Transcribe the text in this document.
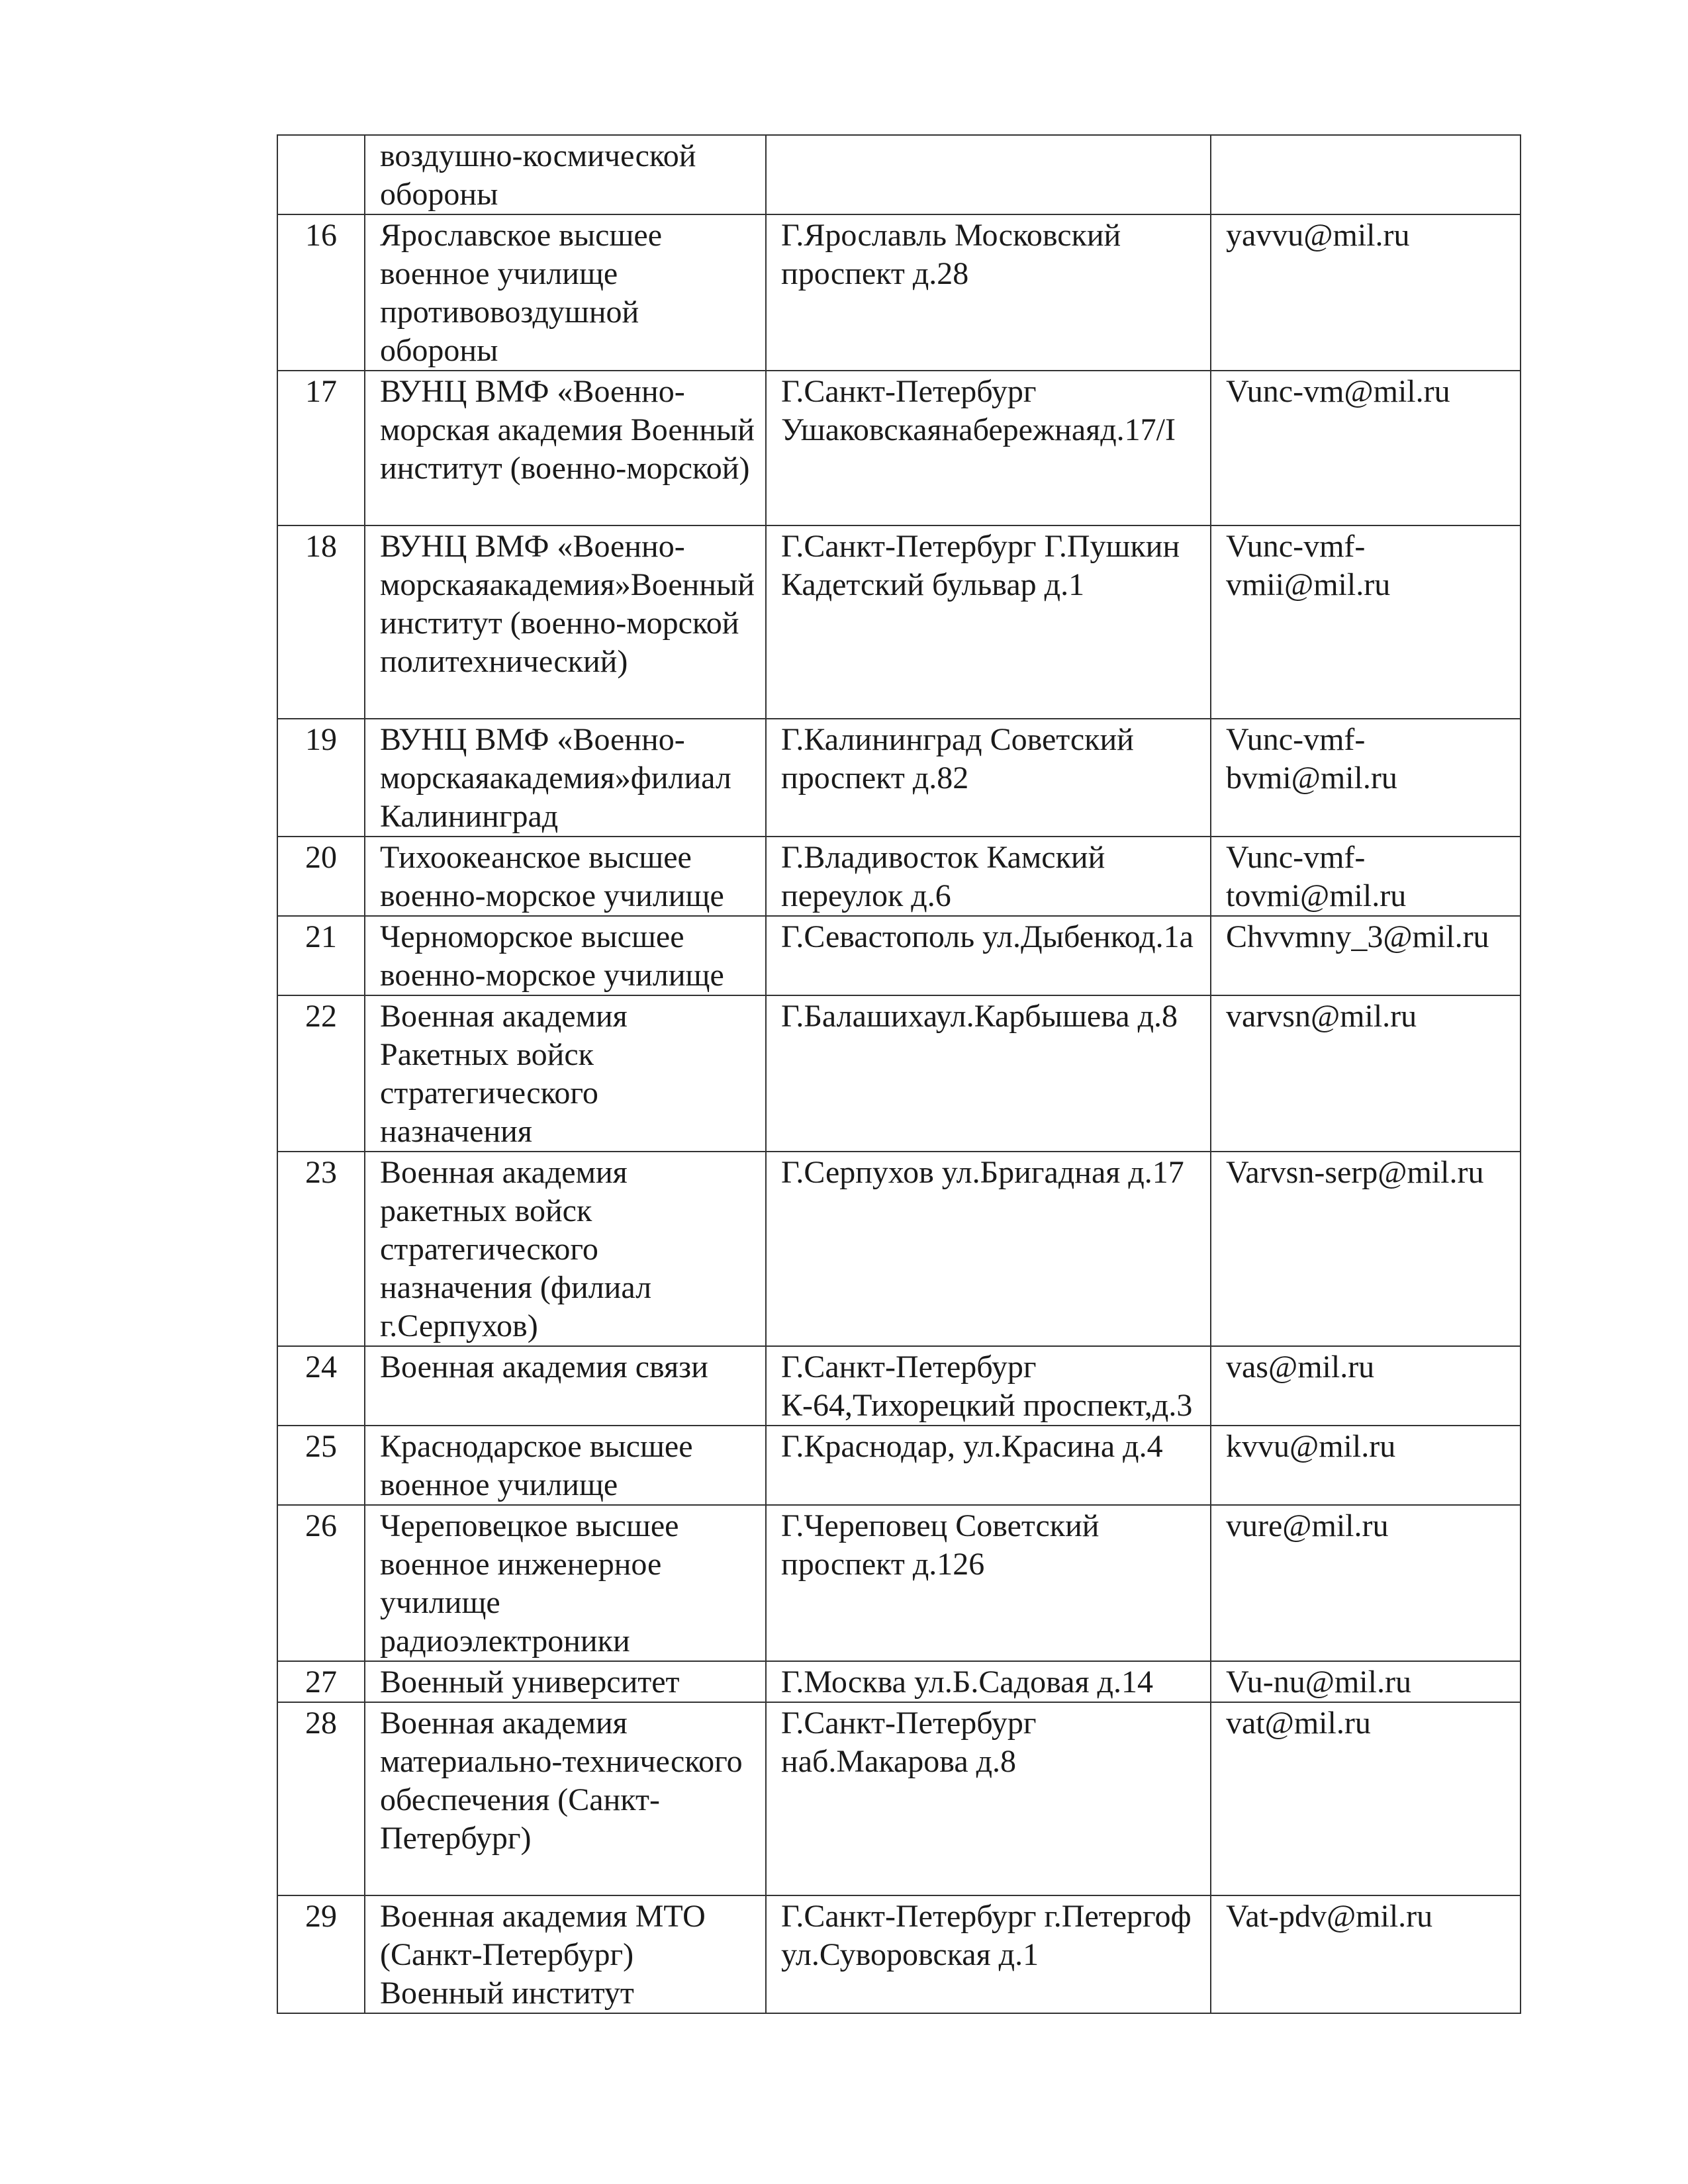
	воздушно-космической обороны		
16	Ярославское высшее военное училище противовоздушной обороны	Г.Ярославль Московский проспект д.28	yavvu@mil.ru
17	ВУНЦ ВМФ «Военно-морская академия Военный институт (военно-морской)	Г.Санкт-Петербург Ушаковскаянабережнаяд.17/I	Vunc-vm@mil.ru
18	ВУНЦ ВМФ «Военно-морскаяакадемия»Военный институт (военно-морской политехнический)	Г.Санкт-Петербург Г.Пушкин Кадетский бульвар д.1	Vunc-vmf-vmii@mil.ru
19	ВУНЦ ВМФ «Военно-морскаяакадемия»филиал Калининград	Г.Калининград Советский проспект д.82	Vunc-vmf-bvmi@mil.ru
20	Тихоокеанское высшее военно-морское училище	Г.Владивосток Камский переулок д.6	Vunc-vmf-tovmi@mil.ru
21	Черноморское высшее военно-морское училище	Г.Севастополь ул.Дыбенкод.1а	Chvvmny_3@mil.ru
22	Военная академия Ракетных войск стратегического назначения	Г.Балашихаул.Карбышева д.8	varvsn@mil.ru
23	Военная академия ракетных войск стратегического назначения (филиал г.Серпухов)	Г.Серпухов ул.Бригадная д.17	Varvsn-serp@mil.ru
24	Военная академия связи	Г.Санкт-Петербург К-64,Тихорецкий проспект,д.3	vas@mil.ru
25	Краснодарское высшее военное училище	Г.Краснодар, ул.Красина д.4	kvvu@mil.ru
26	Череповецкое высшее военное инженерное училище радиоэлектроники	Г.Череповец Советский проспект д.126	vure@mil.ru
27	Военный университет	Г.Москва ул.Б.Садовая д.14	Vu-nu@mil.ru
28	Военная академия материально-технического обеспечения (Санкт-Петербург)	Г.Санкт-Петербург наб.Макарова д.8	vat@mil.ru
29	Военная академия МТО (Санкт-Петербург) Военный институт	Г.Санкт-Петербург г.Петергоф ул.Суворовская д.1	Vat-pdv@mil.ru
